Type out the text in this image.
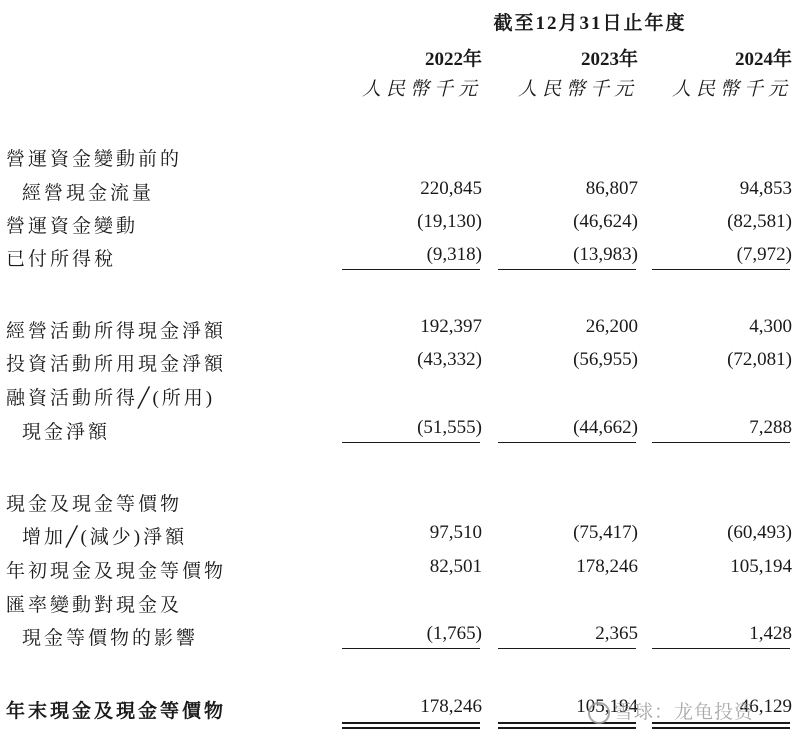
截至12月31日止年度
2022年	2023年	2024年
人民幣千元	人民幣千元	人民幣千元
營運資金變動前的
經營現金流量	220,845	86,807	94,853
營運資金變動	(19,130)	(46,624)	(82,581)
已付所得稅	(9,318)	(13,983)	(7,972)
經營活動所得現金淨額	192,397	26,200	4,300
投資活動所用現金淨額	(43,332)	(56,955)	(72,081)
融資活動所得╱(所用)
現金淨額	(51,555)	(44,662)	7,288
現金及現金等價物
增加╱(減少)淨額	97,510	(75,417)	(60,493)
年初現金及現金等價物	82,501	178,246	105,194
匯率變動對現金及
現金等價物的影響	(1,765)	2,365	1,428
年末現金及現金等價物	178,246	105,194	46,129
雪球：龙龟投资
